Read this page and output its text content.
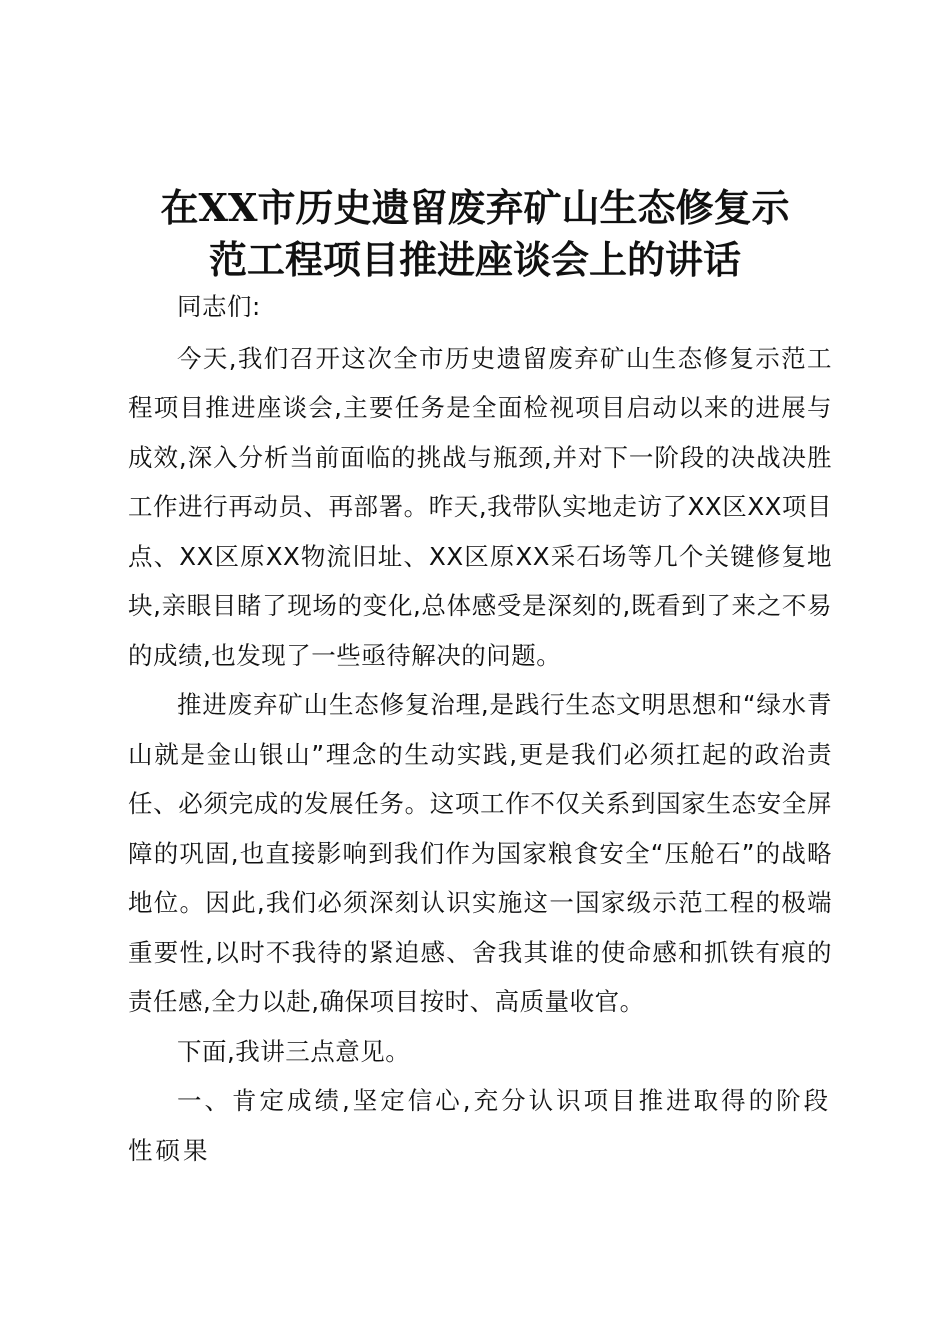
在XX市历史遗留废弃矿山生态修复示
范工程项目推进座谈会上的讲话

同志们:

今天,我们召开这次全市历史遗留废弃矿山生态修复示范工程项目推进座谈会,主要任务是全面检视项目启动以来的进展与成效,深入分析当前面临的挑战与瓶颈,并对下一阶段的决战决胜工作进行再动员、再部署。昨天,我带队实地走访了XX区XX项目点、XX区原XX物流旧址、XX区原XX采石场等几个关键修复地块,亲眼目睹了现场的变化,总体感受是深刻的,既看到了来之不易的成绩,也发现了一些亟待解决的问题。

推进废弃矿山生态修复治理,是践行生态文明思想和“绿水青山就是金山银山”理念的生动实践,更是我们必须扛起的政治责任、必须完成的发展任务。这项工作不仅关系到国家生态安全屏障的巩固,也直接影响到我们作为国家粮食安全“压舱石”的战略地位。因此,我们必须深刻认识实施这一国家级示范工程的极端重要性,以时不我待的紧迫感、舍我其谁的使命感和抓铁有痕的责任感,全力以赴,确保项目按时、高质量收官。

下面,我讲三点意见。

一、肯定成绩,坚定信心,充分认识项目推进取得的阶段性硕果
